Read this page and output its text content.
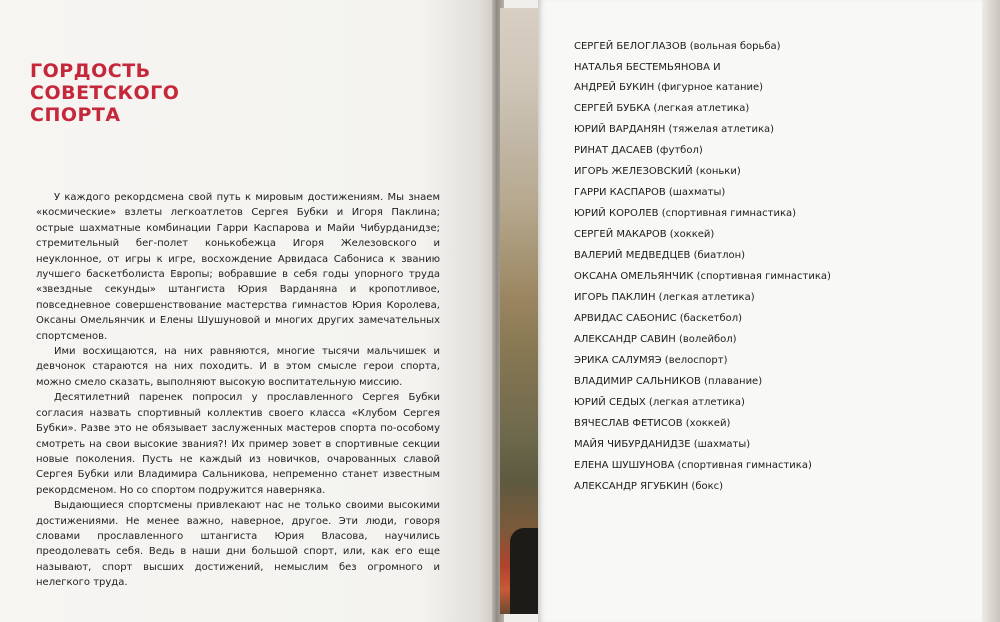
ГОРДОСТЬ
СОВЕТСКОГО
СПОРТА

У каждого рекордсмена свой путь к мировым достижениям. Мы знаем «космические» взлеты легкоатлетов Сергея Бубки и Игоря Паклина; острые шахматные комбинации Гарри Каспарова и Майи Чибурданидзе; стремительный бег-полет конькобежца Игоря Железовского и неуклонное, от игры к игре, восхождение Арвидаса Сабониса к званию лучшего баскетболиста Европы; вобравшие в себя годы упорного труда «звездные секунды» штангиста Юрия Варданяна и кропотливое, повседневное совершенствование мастерства гимнастов Юрия Королева, Оксаны Омельянчик и Елены Шушуновой и многих других замечательных спортсменов.

Ими восхищаются, на них равняются, многие тысячи мальчишек и девчонок стараются на них походить. И в этом смысле герои спорта, можно смело сказать, выполняют высокую воспитательную миссию.

Десятилетний паренек попросил у прославленного Сергея Бубки согласия назвать спортивный коллектив своего класса «Клубом Сергея Бубки». Разве это не обязывает заслуженных мастеров спорта по-особому смотреть на свои высокие звания?! Их пример зовет в спортивные секции новые поколения. Пусть не каждый из новичков, очарованных славой Сергея Бубки или Владимира Сальникова, непременно станет известным рекордсменом. Но со спортом подружится наверняка.

Выдающиеся спортсмены привлекают нас не только своими высокими достижениями. Не менее важно, наверное, другое. Эти люди, говоря словами прославленного штангиста Юрия Власова, научились преодолевать себя. Ведь в наши дни большой спорт, или, как его еще называют, спорт высших достижений, немыслим без огромного и нелегкого труда.

СЕРГЕЙ БЕЛОГЛАЗОВ (вольная борьба)
НАТАЛЬЯ БЕСТЕМЬЯНОВА И
АНДРЕЙ БУКИН (фигурное катание)
СЕРГЕЙ БУБКА (легкая атлетика)
ЮРИЙ ВАРДАНЯН (тяжелая атлетика)
РИНАТ ДАСАЕВ (футбол)
ИГОРЬ ЖЕЛЕЗОВСКИЙ (коньки)
ГАРРИ КАСПАРОВ (шахматы)
ЮРИЙ КОРОЛЕВ (спортивная гимнастика)
СЕРГЕЙ МАКАРОВ (хоккей)
ВАЛЕРИЙ МЕДВЕДЦЕВ (биатлон)
ОКСАНА ОМЕЛЬЯНЧИК (спортивная гимнастика)
ИГОРЬ ПАКЛИН (легкая атлетика)
АРВИДАС САБОНИС (баскетбол)
АЛЕКСАНДР САВИН (волейбол)
ЭРИКА САЛУМЯЭ (велоспорт)
ВЛАДИМИР САЛЬНИКОВ (плавание)
ЮРИЙ СЕДЫХ (легкая атлетика)
ВЯЧЕСЛАВ ФЕТИСОВ (хоккей)
МАЙЯ ЧИБУРДАНИДЗЕ (шахматы)
ЕЛЕНА ШУШУНОВА (спортивная гимнастика)
АЛЕКСАНДР ЯГУБКИН (бокс)
